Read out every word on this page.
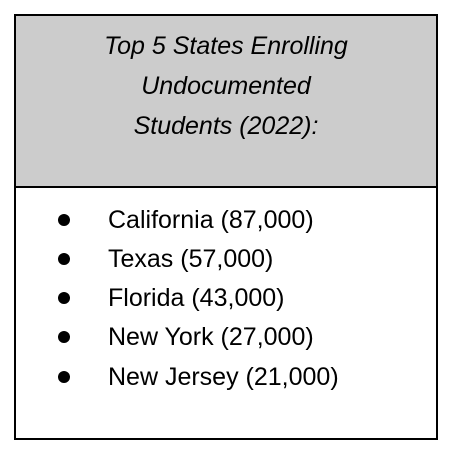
Top 5 States Enrolling
Undocumented
Students (2022):
California (87,000)
Texas (57,000)
Florida (43,000)
New York (27,000)
New Jersey (21,000)
